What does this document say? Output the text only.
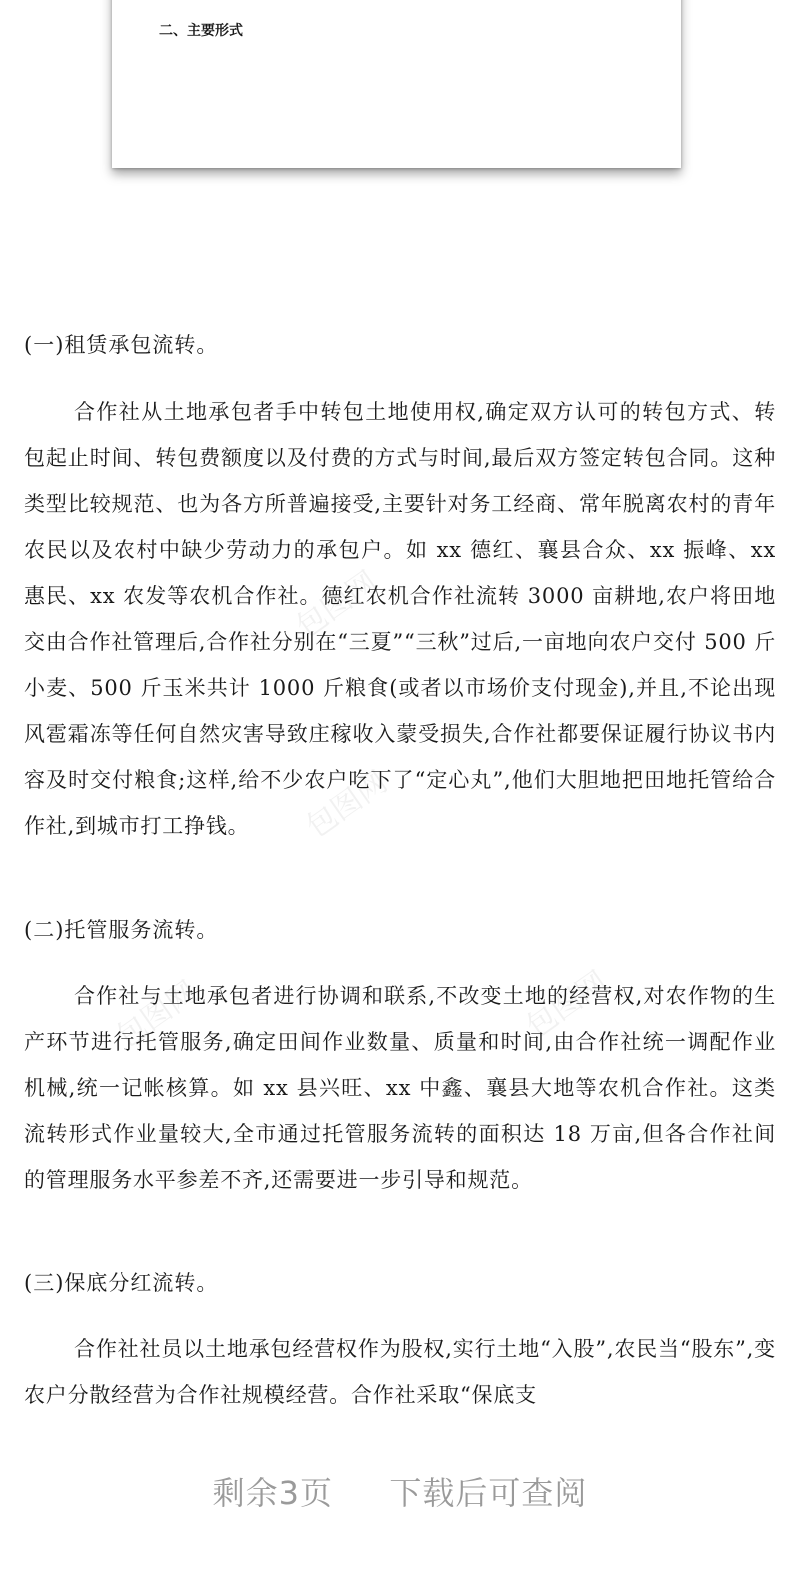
二、主要形式
包图网
包图网
包图网	包图网
(一)租赁承包流转。
合作社从土地承包者手中转包土地使用权,确定双方认可的转包方式、转包起止时间、转包费额度以及付费的方式与时间,最后双方签定转包合同。这种类型比较规范、也为各方所普遍接受,主要针对务工经商、常年脱离农村的青年农民以及农村中缺少劳动力的承包户。如 xx 德红、襄县合众、xx 振峰、xx 惠民、xx 农发等农机合作社。德红农机合作社流转 3000 亩耕地,农户将田地交由合作社管理后,合作社分别在“三夏”“三秋”过后,一亩地向农户交付 500 斤小麦、500 斤玉米共计 1000 斤粮食(或者以市场价支付现金),并且,不论出现风雹霜冻等任何自然灾害导致庄稼收入蒙受损失,合作社都要保证履行协议书内容及时交付粮食;这样,给不少农户吃下了“定心丸”,他们大胆地把田地托管给合作社,到城市打工挣钱。
(二)托管服务流转。
合作社与土地承包者进行协调和联系,不改变土地的经营权,对农作物的生产环节进行托管服务,确定田间作业数量、质量和时间,由合作社统一调配作业机械,统一记帐核算。如 xx 县兴旺、xx 中鑫、襄县大地等农机合作社。这类流转形式作业量较大,全市通过托管服务流转的面积达 18 万亩,但各合作社间的管理服务水平参差不齐,还需要进一步引导和规范。
(三)保底分红流转。
合作社社员以土地承包经营权作为股权,实行土地“入股”,农民当“股东”,变农户分散经营为合作社规模经营。合作社采取“保底支
剩余3页 下载后可查阅
